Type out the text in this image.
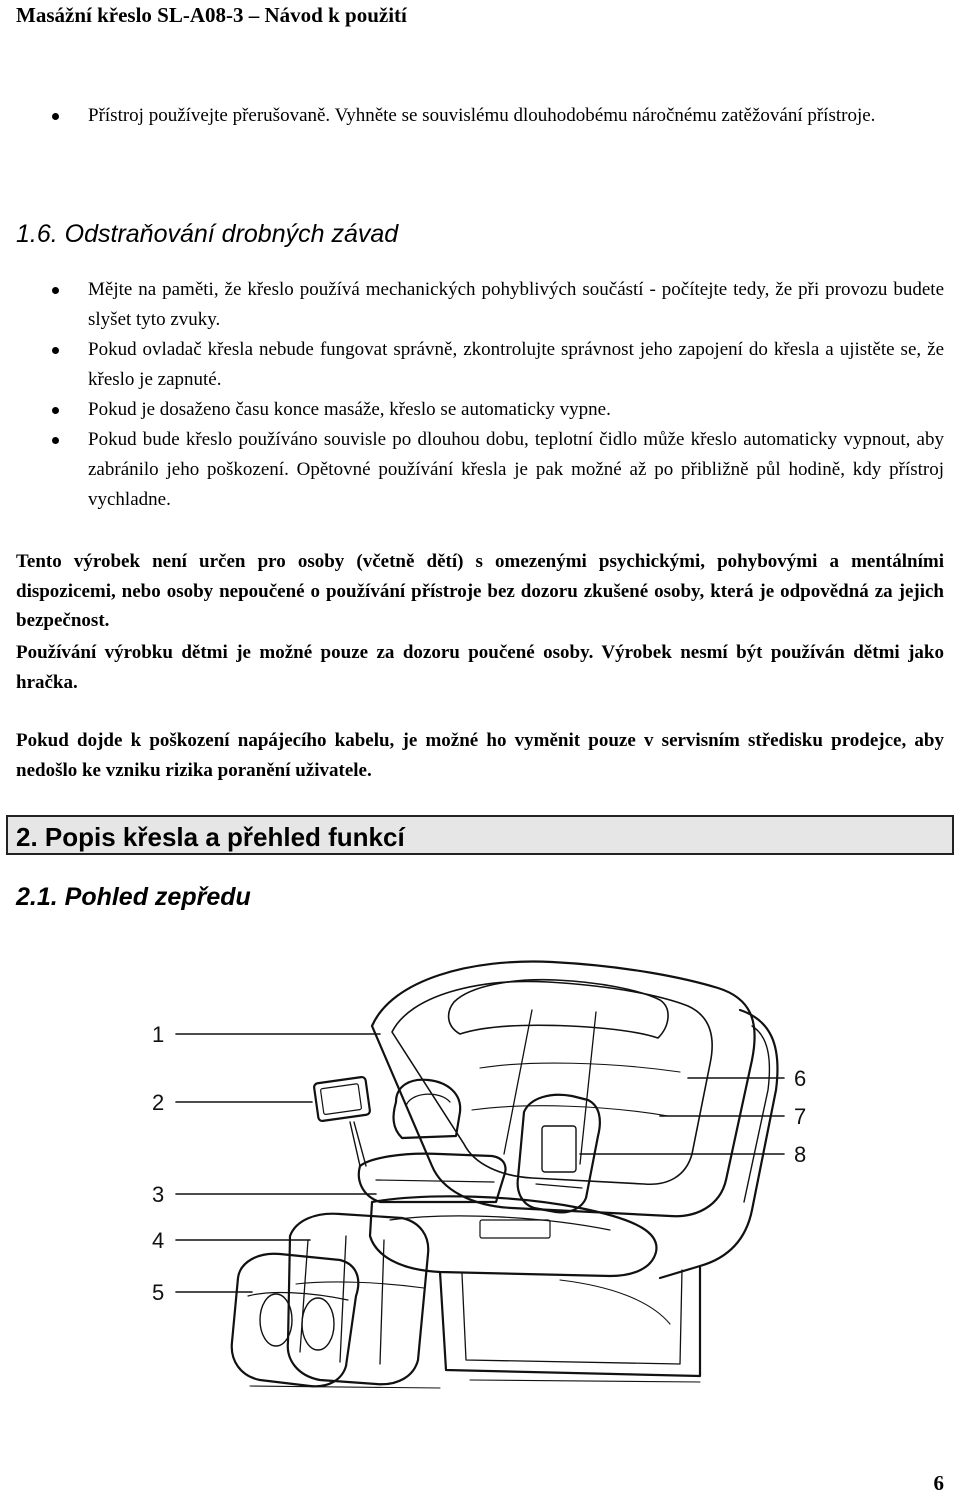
Masážní křeslo SL-A08-3 – Návod k použití
Přístroj používejte přerušovaně. Vyhněte se souvislému dlouhodobému náročnému zatěžování přístroje.
1.6. Odstraňování drobných závad
Mějte na paměti, že křeslo používá mechanických pohyblivých součástí - počítejte tedy, že při provozu budete slyšet tyto zvuky.
Pokud ovladač křesla nebude fungovat správně, zkontrolujte správnost jeho zapojení do křesla a ujistěte se, že křeslo je zapnuté.
Pokud je dosaženo času konce masáže, křeslo se automaticky vypne.
Pokud bude křeslo používáno souvisle po dlouhou dobu, teplotní čidlo může křeslo automaticky vypnout, aby zabránilo jeho poškození. Opětovné používání křesla je pak možné až po přibližně půl hodině, kdy přístroj vychladne.

Tento výrobek není určen pro osoby (včetně dětí) s omezenými psychickými, pohybovými a mentálními dispozicemi, nebo osoby nepoučené o používání přístroje bez dozoru zkušené osoby, která je odpovědná za jejich bezpečnost.

Používání výrobku dětmi je možné pouze za dozoru poučené osoby. Výrobek nesmí být používán dětmi jako hračka.

Pokud dojde k poškození napájecího kabelu, je možné ho vyměnit pouze v servisním středisku prodejce, aby nedošlo ke vzniku rizika poranění uživatele.

2. Popis křesla a přehled funkcí
2.1. Pohled zepředu
1
2
3
4
5
6
7
8
6
